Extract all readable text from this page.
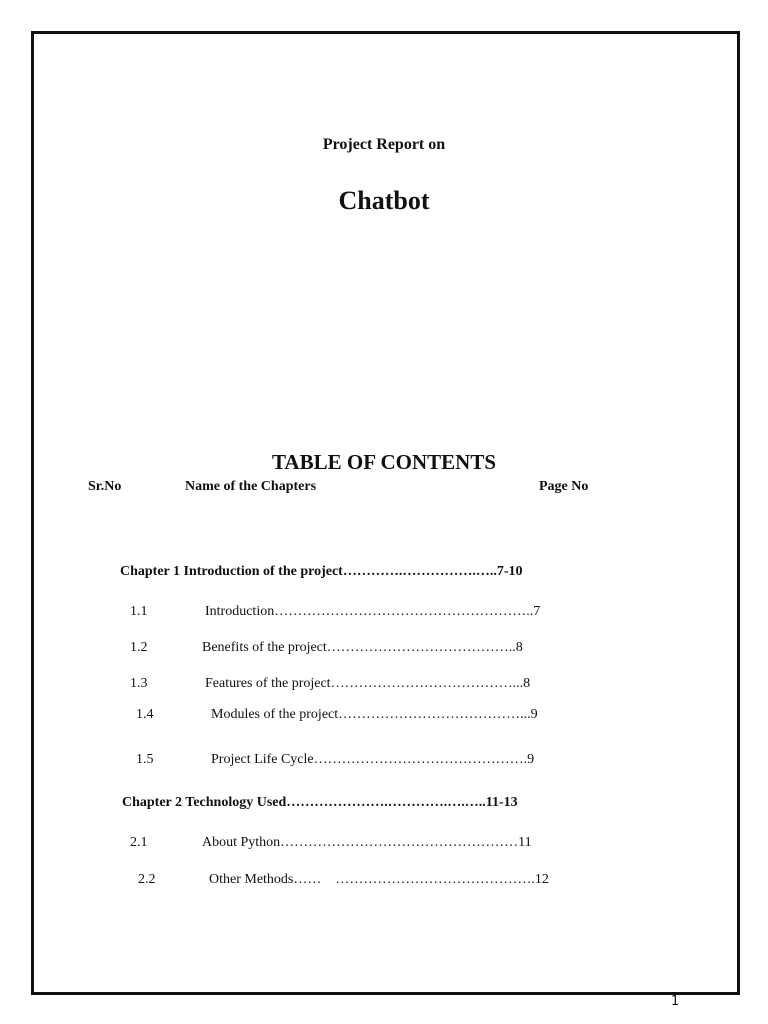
Project Report on
Chatbot
TABLE OF CONTENTS
Sr.No	Name of the Chapters	Page No
Chapter 1 Introduction of the project………….…………….…..7-10
1.1	Introduction………………………………………………..7
1.2	Benefits of the project…………………………………..8
1.3	Features of the project…………………………………...8
1.4	Modules of the project…………………………………...9
1.5	Project Life Cycle……………………………………….9
Chapter 2 Technology Used………………….………….….…..11-13
2.1	About Python……………………………………………11
2.2	Other Methods……    …………………………………….12
1
